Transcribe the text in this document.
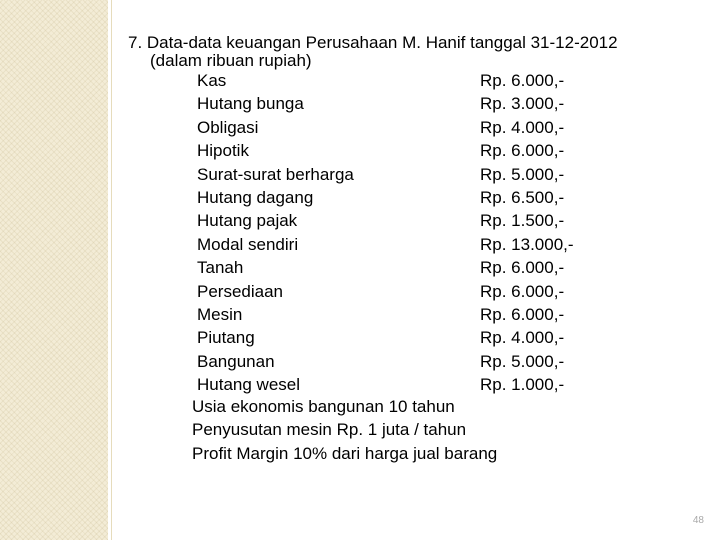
7. Data-data keuangan Perusahaan M. Hanif tanggal 31-12-2012
(dalam ribuan rupiah)
Kas	Rp. 6.000,-
Hutang bunga	Rp. 3.000,-
Obligasi	Rp. 4.000,-
Hipotik	Rp. 6.000,-
Surat-surat berharga	Rp. 5.000,-
Hutang dagang	Rp. 6.500,-
Hutang pajak	Rp. 1.500,-
Modal sendiri	Rp. 13.000,-
Tanah	Rp. 6.000,-
Persediaan	Rp. 6.000,-
Mesin	Rp. 6.000,-
Piutang	Rp. 4.000,-
Bangunan	Rp. 5.000,-
Hutang wesel	Rp. 1.000,-
Usia ekonomis bangunan 10 tahun
Penyusutan mesin Rp. 1 juta / tahun
Profit Margin 10% dari harga jual barang
48
